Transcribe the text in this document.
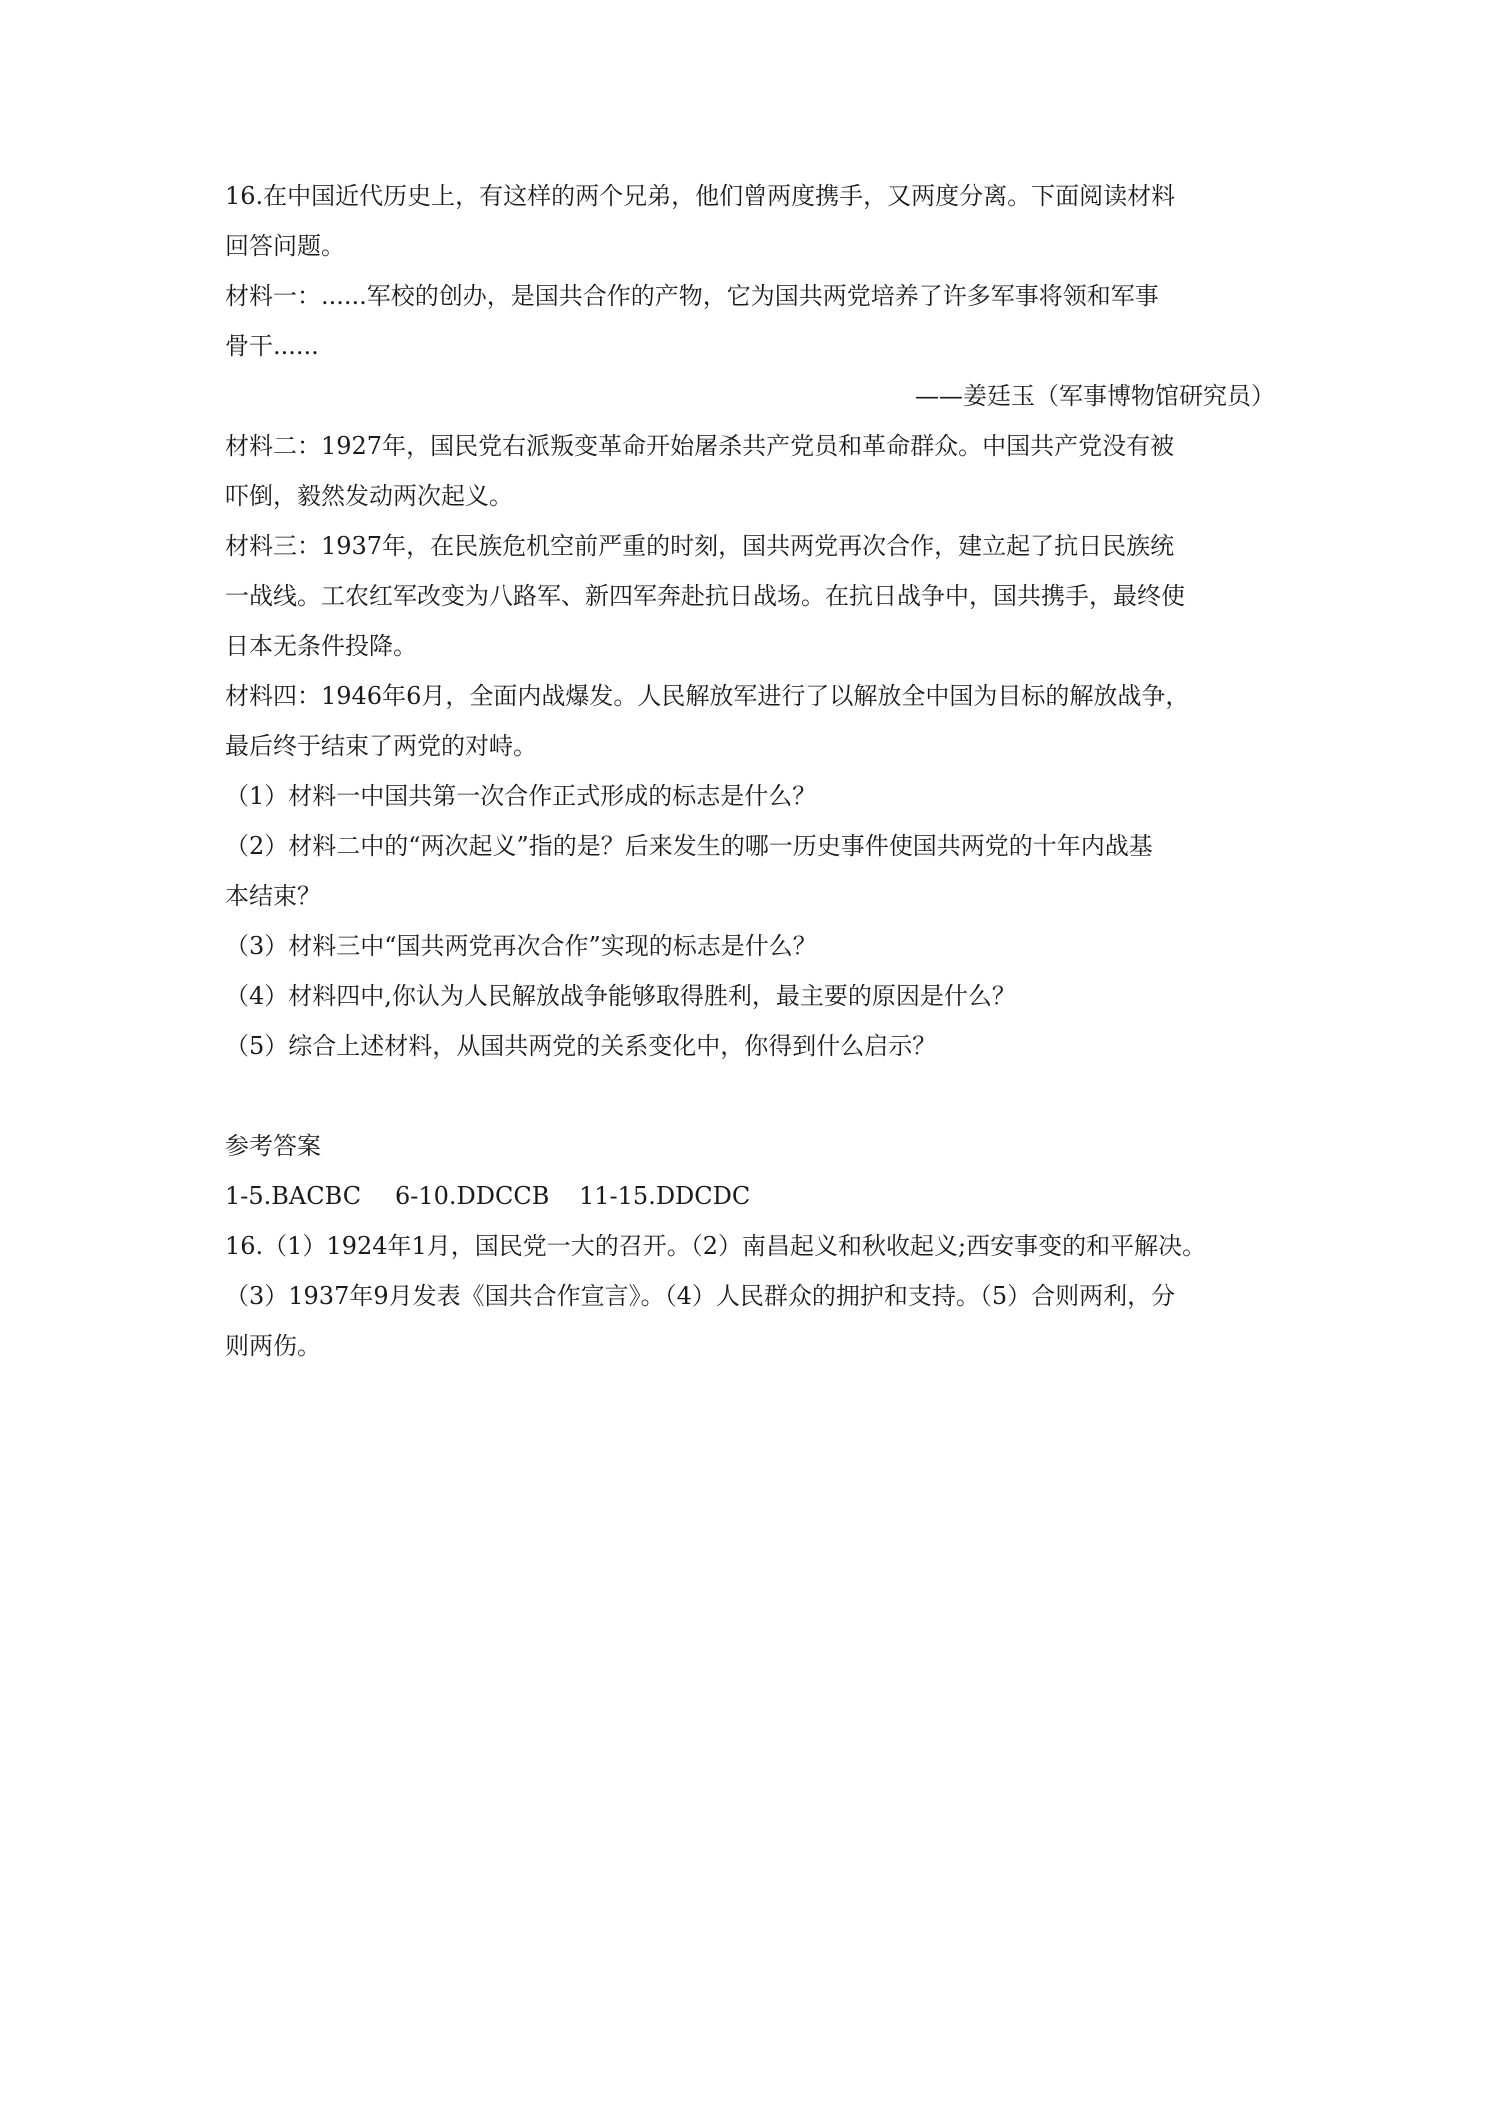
16.在中国近代历史上，有这样的两个兄弟，他们曾两度携手，又两度分离。下面阅读材料

回答问题。

材料一：......军校的创办，是国共合作的产物，它为国共两党培养了许多军事将领和军事

骨干......

——姜廷玉（军事博物馆研究员）

材料二：1927年，国民党右派叛变革命开始屠杀共产党员和革命群众。中国共产党没有被

吓倒，毅然发动两次起义。

材料三：1937年，在民族危机空前严重的时刻，国共两党再次合作，建立起了抗日民族统

一战线。工农红军改变为八路军、新四军奔赴抗日战场。在抗日战争中，国共携手，最终使

日本无条件投降。

材料四：1946年6月，全面内战爆发。人民解放军进行了以解放全中国为目标的解放战争，

最后终于结束了两党的对峙。

（1）材料一中国共第一次合作正式形成的标志是什么？

（2）材料二中的“两次起义”指的是？后来发生的哪一历史事件使国共两党的十年内战基

本结束？

（3）材料三中“国共两党再次合作”实现的标志是什么？

（4）材料四中,你认为人民解放战争能够取得胜利，最主要的原因是什么？

（5）综合上述材料，从国共两党的关系变化中，你得到什么启示？

参考答案

1-5.BACBC 6-10.DDCCB 11-15.DDCDC

16.（1）1924年1月，国民党一大的召开。（2）南昌起义和秋收起义;西安事变的和平解决。

（3）1937年9月发表《国共合作宣言》。（4）人民群众的拥护和支持。（5）合则两利，分

则两伤。
